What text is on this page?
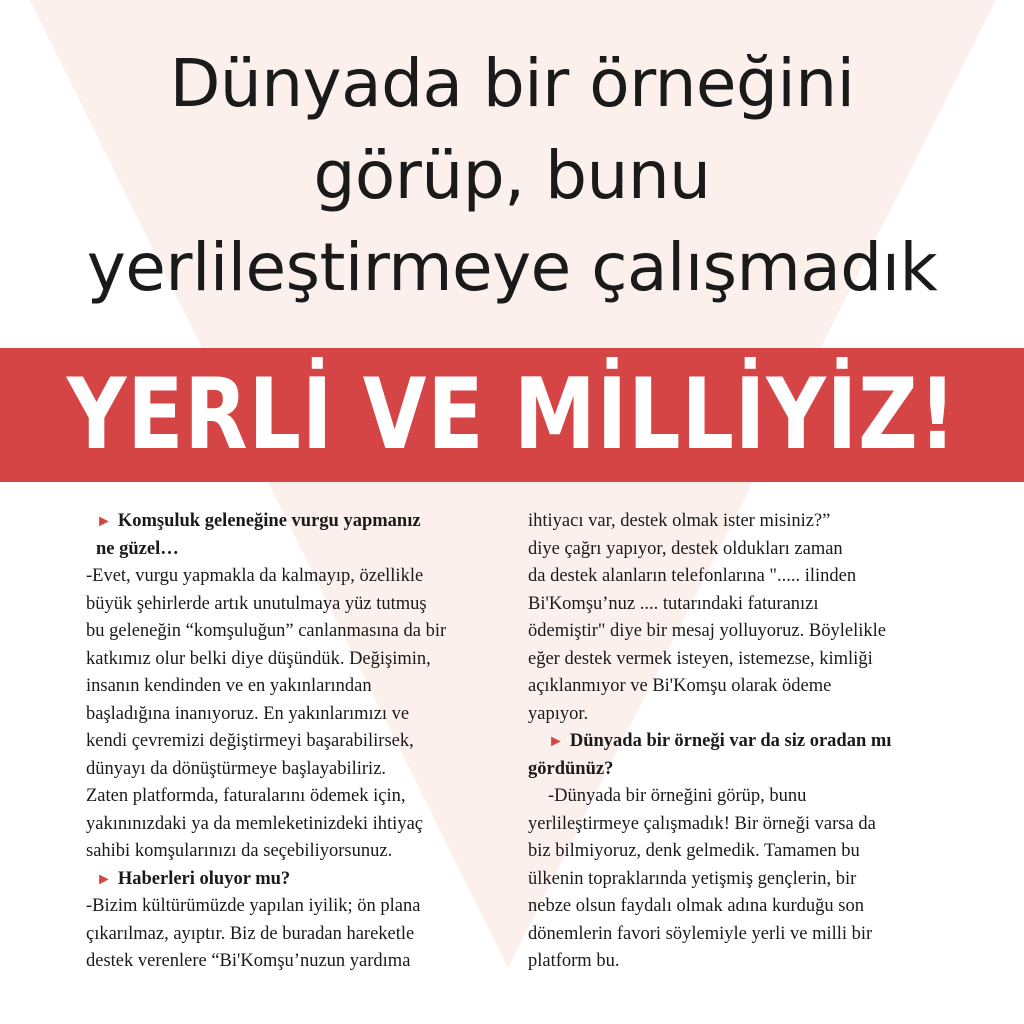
Dünyada bir örneğini
görüp, bunu
yerlileştirmeye çalışmadık
YERLİ VE MİLLİYİZ!

► Komşuluk geleneğine vurgu yapmanız
ne güzel…

-Evet, vurgu yapmakla da kalmayıp, özellikle
büyük şehirlerde artık unutulmaya yüz tutmuş
bu geleneğin “komşuluğun” canlanmasına da bir
katkımız olur belki diye düşündük. Değişimin,
insanın kendinden ve en yakınlarından
başladığına inanıyoruz. En yakınlarımızı ve
kendi çevremizi değiştirmeyi başarabilirsek,
dünyayı da dönüştürmeye başlayabiliriz.
Zaten platformda, faturalarını ödemek için,
yakınınızdaki ya da memleketinizdeki ihtiyaç
sahibi komşularınızı da seçebiliyorsunuz.

► Haberleri oluyor mu?

-Bizim kültürümüzde yapılan iyilik; ön plana
çıkarılmaz, ayıptır. Biz de buradan hareketle
destek verenlere “Bi'Komşu’nuzun yardıma

ihtiyacı var, destek olmak ister misiniz?”
diye çağrı yapıyor, destek oldukları zaman
da destek alanların telefonlarına "..... ilinden
Bi'Komşu’nuz .... tutarındaki faturanızı
ödemiştir" diye bir mesaj yolluyoruz. Böylelikle
eğer destek vermek isteyen, istemezse, kimliği
açıklanmıyor ve Bi'Komşu olarak ödeme
yapıyor.

► Dünyada bir örneği var da siz oradan mı
gördünüz?

-Dünyada bir örneğini görüp, bunu
yerlileştirmeye çalışmadık! Bir örneği varsa da
biz bilmiyoruz, denk gelmedik. Tamamen bu
ülkenin topraklarında yetişmiş gençlerin, bir
nebze olsun faydalı olmak adına kurduğu son
dönemlerin favori söylemiyle yerli ve milli bir
platform bu.
